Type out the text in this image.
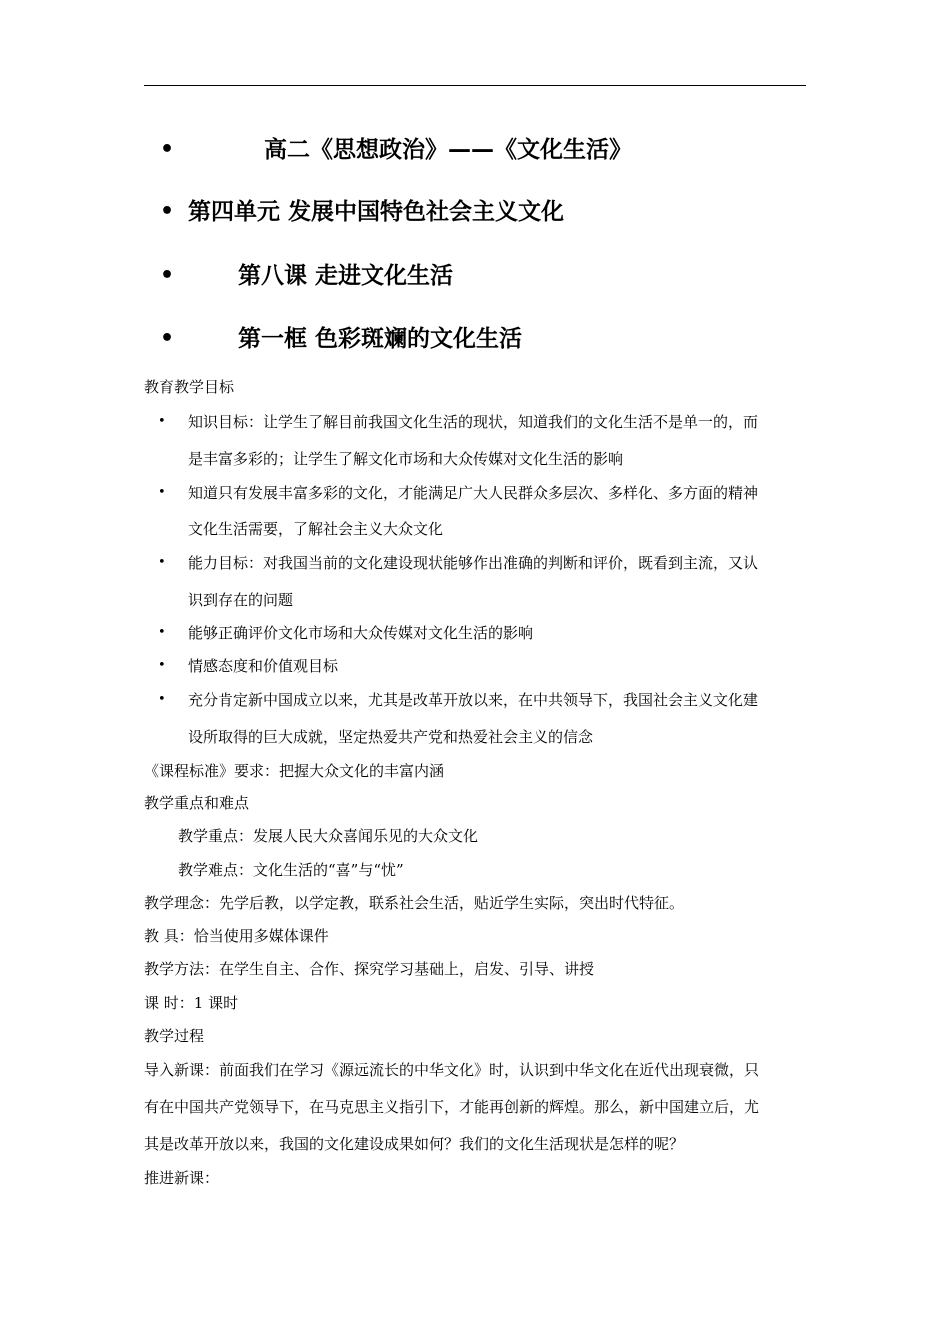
•	高二《思想政治》——《文化生活》
• 第四单元 发展中国特色社会主义文化
•	第八课 走进文化生活
•	第一框 色彩斑斓的文化生活
教育教学目标
• 知识目标：让学生了解目前我国文化生活的现状，知道我们的文化生活不是单一的，而
是丰富多彩的；让学生了解文化市场和大众传媒对文化生活的影响
• 知道只有发展丰富多彩的文化，才能满足广大人民群众多层次、多样化、多方面的精神
文化生活需要，了解社会主义大众文化
• 能力目标：对我国当前的文化建设现状能够作出准确的判断和评价，既看到主流，又认
识到存在的问题
• 能够正确评价文化市场和大众传媒对文化生活的影响
• 情感态度和价值观目标
• 充分肯定新中国成立以来，尤其是改革开放以来，在中共领导下，我国社会主义文化建
设所取得的巨大成就，坚定热爱共产党和热爱社会主义的信念
《课程标准》要求：把握大众文化的丰富内涵
教学重点和难点
教学重点：发展人民大众喜闻乐见的大众文化
教学难点：文化生活的“喜”与“忧”
教学理念：先学后教，以学定教，联系社会生活，贴近学生实际，突出时代特征。
教 具：恰当使用多媒体课件
教学方法：在学生自主、合作、探究学习基础上，启发、引导、讲授
课 时：1 课时
教学过程
导入新课：前面我们在学习《源远流长的中华文化》时，认识到中华文化在近代出现衰微，只
有在中国共产党领导下，在马克思主义指引下，才能再创新的辉煌。那么，新中国建立后，尤
其是改革开放以来，我国的文化建设成果如何？我们的文化生活现状是怎样的呢？
推进新课：
